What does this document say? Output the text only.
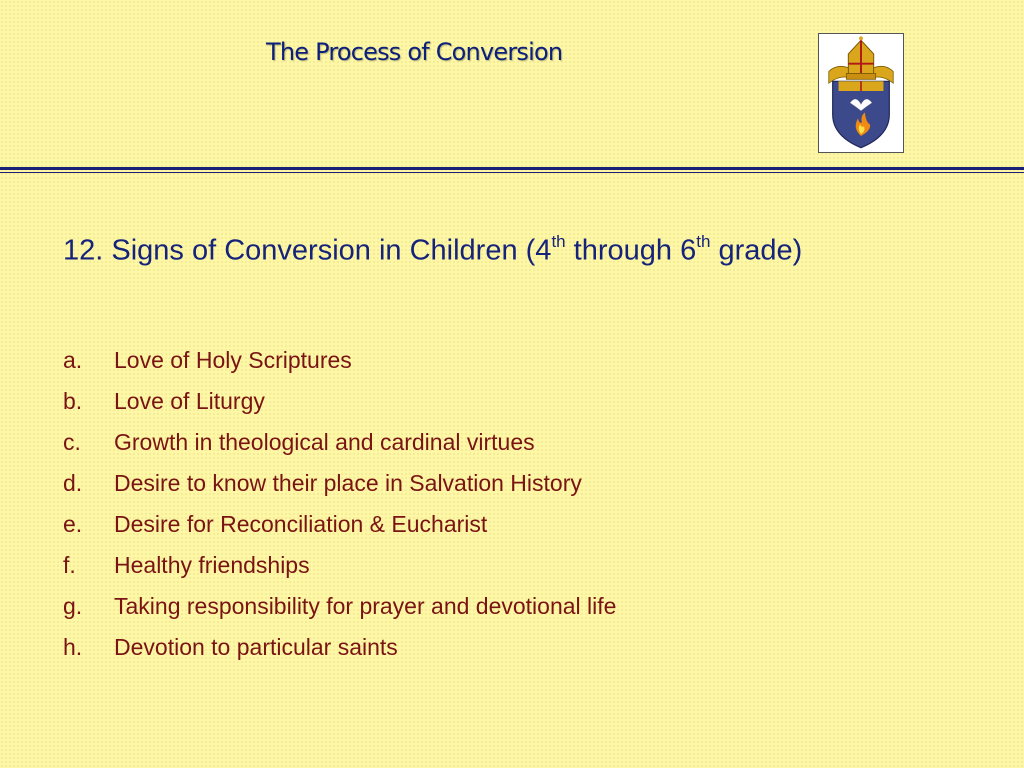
The Process of Conversion
12. Signs of Conversion in Children (4th through 6th grade)
a.	Love of Holy Scriptures
b.	Love of Liturgy
c.	Growth in theological and cardinal virtues
d.	Desire to know their place in Salvation History
e.	Desire for Reconciliation & Eucharist
f.	Healthy friendships
g.	Taking responsibility for prayer and devotional life
h.	Devotion to particular saints
